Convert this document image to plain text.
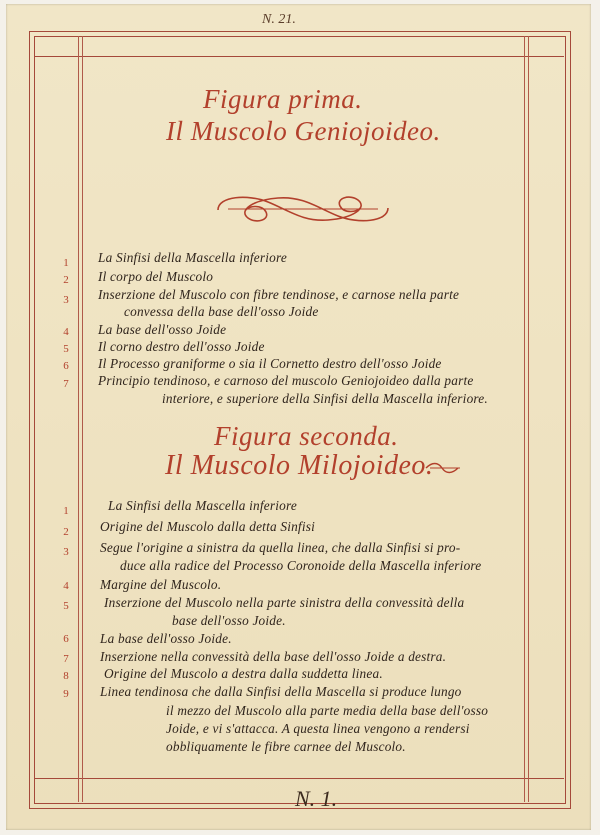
N. 21.
Figura prima.
Il Muscolo Geniojoideo.
1 La Sinfisi della Mascella inferiore
2 Il corpo del Muscolo
3 Inserzione del Muscolo con fibre tendinose, e carnose nella parte
convessa della base dell'osso Joide
4 La base dell'osso Joide
5 Il corno destro dell'osso Joide
6 Il Processo graniforme o sia il Cornetto destro dell'osso Joide
7 Principio tendinoso, e carnoso del muscolo Geniojoideo dalla parte
interiore, e superiore della Sinfisi della Mascella inferiore.
Figura seconda.
Il Muscolo Milojoideo.
1	La Sinfisi della Mascella inferiore
2 Origine del Muscolo dalla detta Sinfisi
3 Segue l'origine a sinistra da quella linea, che dalla Sinfisi si pro-
duce alla radice del Processo Coronoide della Mascella inferiore
4 Margine del Muscolo.
5	Inserzione del Muscolo nella parte sinistra della convessità della
base dell'osso Joide.
6 La base dell'osso Joide.
7 Inserzione nella convessità della base dell'osso Joide a destra.
8	Origine del Muscolo a destra dalla suddetta linea.
9 Linea tendinosa che dalla Sinfisi della Mascella si produce lungo
il mezzo del Muscolo alla parte media della base dell'osso
Joide, e vi s'attacca. A questa linea vengono a rendersi
obbliquamente le fibre carnee del Muscolo.
N. 1.
